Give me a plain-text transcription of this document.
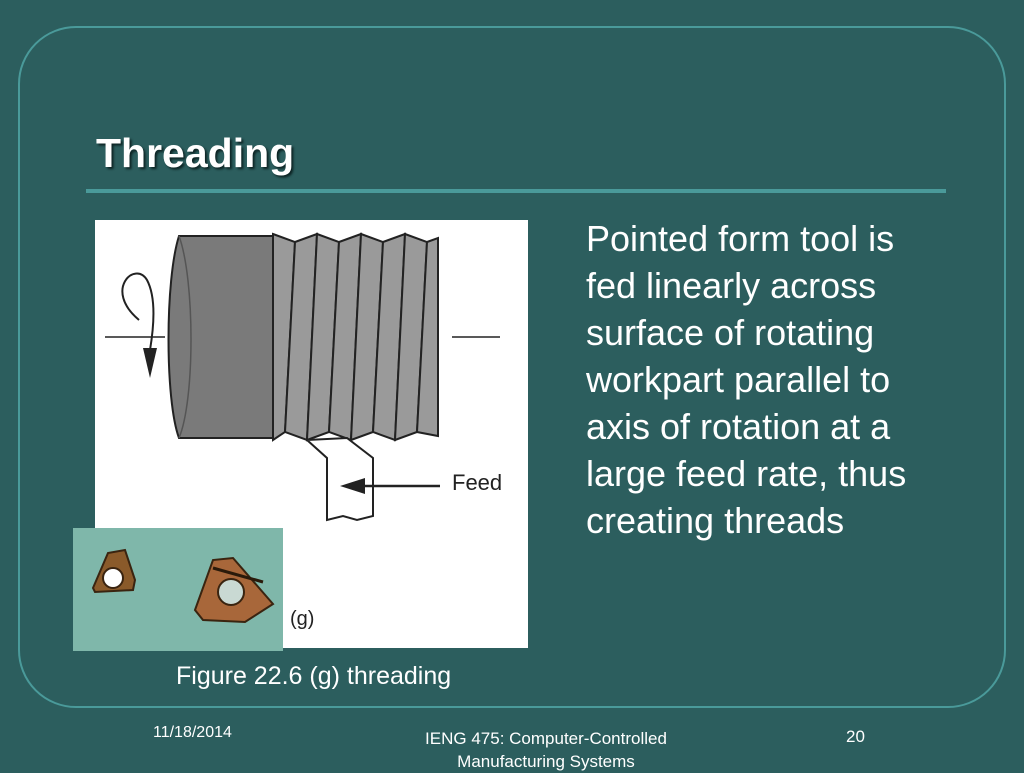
Threading
Feed
(g)
Figure 22.6 (g) threading

Pointed form tool is fed linearly across surface of rotating workpart parallel to axis of rotation at a large feed rate, thus creating threads

11/18/2014	IENG 475: Computer-Controlled Manufacturing Systems
20
